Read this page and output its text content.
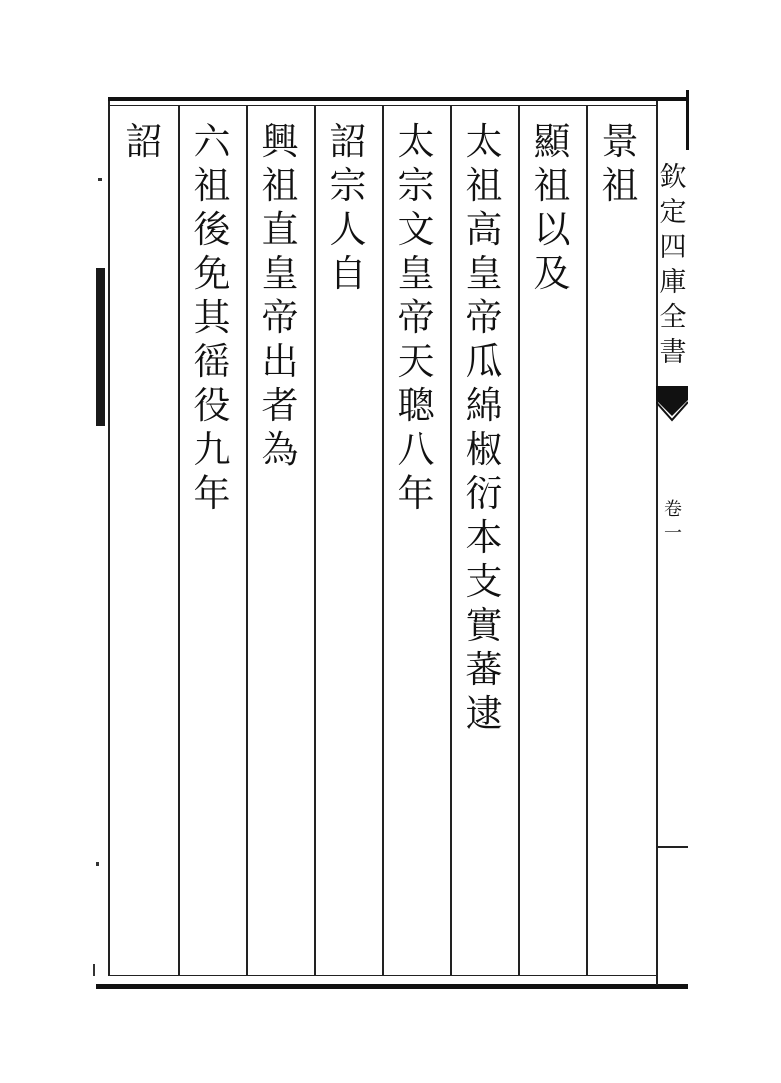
景
祖
顯
祖
以
及
太
祖
高
皇
帝
瓜
綿
椒
衍
本
支
實
蕃
逮
太
宗
文
皇
帝
天
聰
八
年
詔
宗
人
自
興
祖
直
皇
帝
出
者
為
六
祖
後
免
其
徭
役
九
年
詔
欽
定
四
庫
全
書
卷
一
